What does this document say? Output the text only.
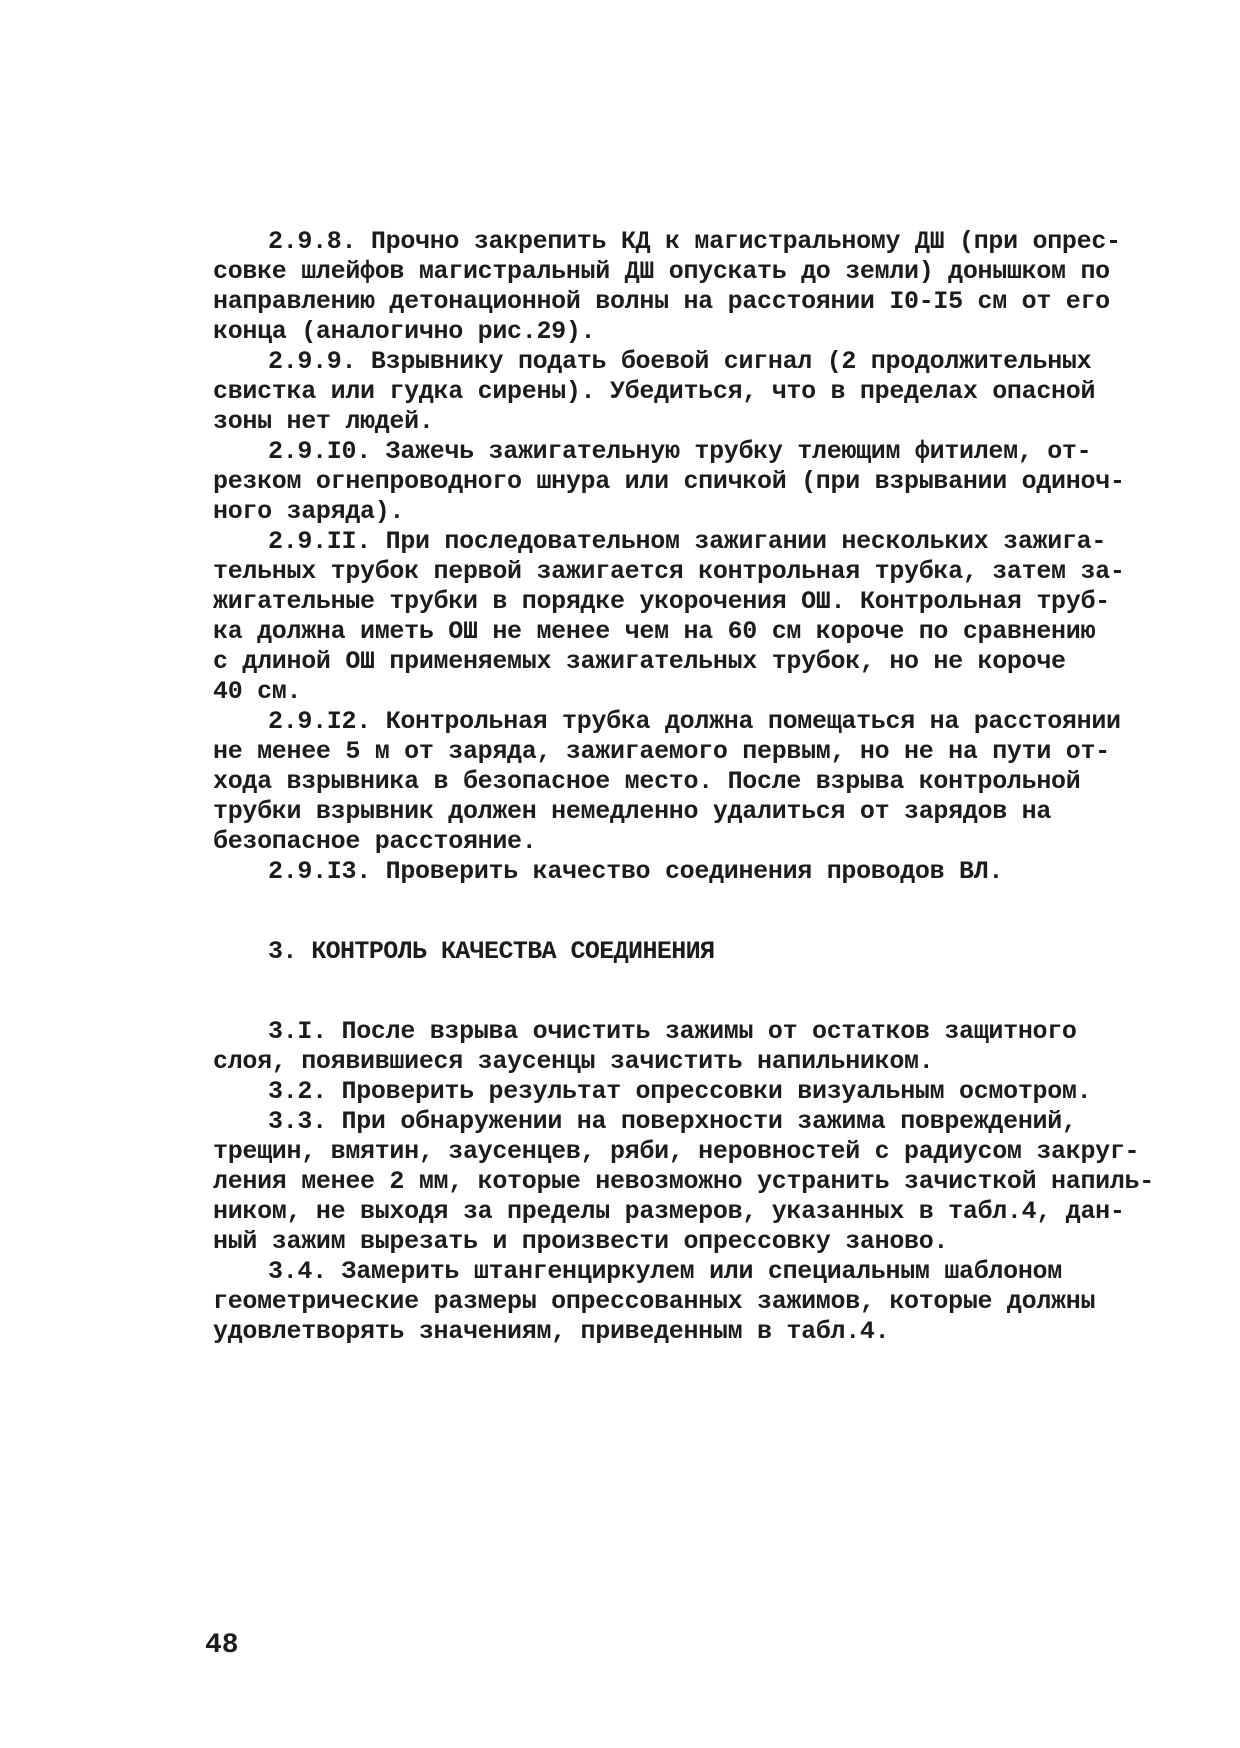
2.9.8. Прочно закрепить КД к магистральному ДШ (при опрес-
совке шлейфов магистральный ДШ опускать до земли) донышком по
направлению детонационной волны на расстоянии I0-I5 см от его
конца (аналогично рис.29).
2.9.9. Взрывнику подать боевой сигнал (2 продолжительных
свистка или гудка сирены). Убедиться, что в пределах опасной
зоны нет людей.
2.9.I0. Зажечь зажигательную трубку тлеющим фитилем, от-
резком огнепроводного шнура или спичкой (при взрывании одиноч-
ного заряда).
2.9.II. При последовательном зажигании нескольких зажига-
тельных трубок первой зажигается контрольная трубка, затем за-
жигательные трубки в порядке укорочения ОШ. Контрольная труб-
ка должна иметь ОШ не менее чем на 60 см короче по сравнению
с длиной ОШ применяемых зажигательных трубок, но не короче
40 см.
2.9.I2. Контрольная трубка должна помещаться на расстоянии
не менее 5 м от заряда, зажигаемого первым, но не на пути от-
хода взрывника в безопасное место. После взрыва контрольной
трубки взрывник должен немедленно удалиться от зарядов на
безопасное расстояние.
2.9.I3. Проверить качество соединения проводов ВЛ.
3. КОНТРОЛЬ КАЧЕСТВА СОЕДИНЕНИЯ
3.I. После взрыва очистить зажимы от остатков защитного
слоя, появившиеся заусенцы зачистить напильником.
3.2. Проверить результат опрессовки визуальным осмотром.
3.3. При обнаружении на поверхности зажима повреждений,
трещин, вмятин, заусенцев, ряби, неровностей с радиусом закруг-
ления менее 2 мм, которые невозможно устранить зачисткой напиль-
ником, не выходя за пределы размеров, указанных в табл.4, дан-
ный зажим вырезать и произвести опрессовку заново.
3.4. Замерить штангенциркулем или специальным шаблоном
геометрические размеры опрессованных зажимов, которые должны
удовлетворять значениям, приведенным в табл.4.
48
